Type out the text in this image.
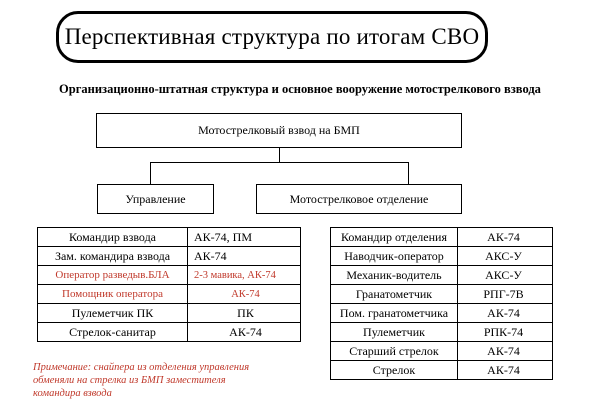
Перспективная структура по итогам СВО
Организационно-штатная структура и основное вооружение мотострелкового взвода
Мотострелковый взвод на БМП
Управление	Мотострелковое отделение
Командир взвода	АК-74, ПМ
Зам. командира взвода	АК-74
Оператор разведыв.БЛА	2-3 мавика, АК-74
Помощник оператора	АК-74
Пулеметчик ПК	ПК
Стрелок-санитар	АК-74
Командир отделения	АК-74
Наводчик-оператор	АКС-У
Механик-водитель	АКС-У
Гранатометчик	РПГ-7В
Пом. гранатометчика	АК-74
Пулеметчик	РПК-74
Старший стрелок	АК-74
Стрелок	АК-74
Примечание: снайпера из отделения управления обменяли на стрелка из БМП заместителя командира взвода
